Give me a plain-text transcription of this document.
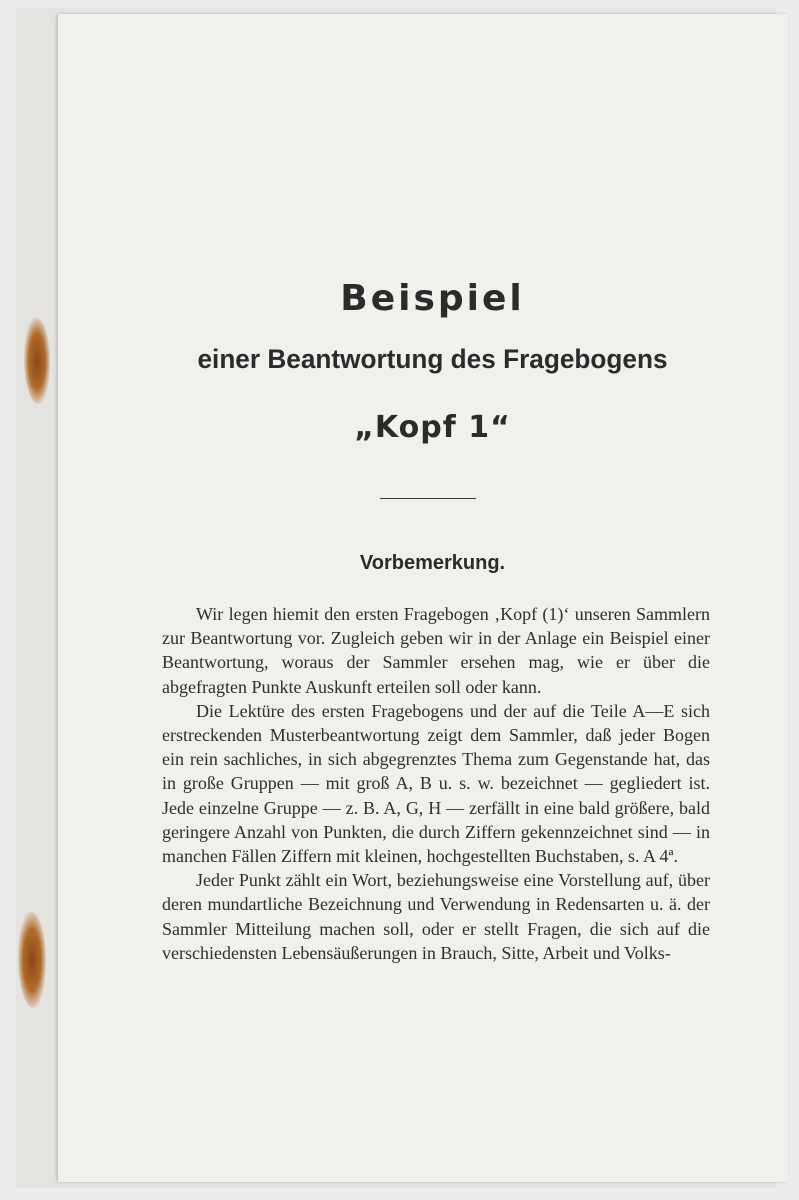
Beispiel
einer Beantwortung des Fragebogens
„Kopf 1“
Vorbemerkung.

Wir legen hiemit den ersten Fragebogen ‚Kopf (1)‘ unseren Sammlern zur Beantwortung vor. Zugleich geben wir in der Anlage ein Beispiel einer Beantwortung, woraus der Sammler ersehen mag, wie er über die abgefragten Punkte Auskunft erteilen soll oder kann.

Die Lektüre des ersten Fragebogens und der auf die Teile A—E sich erstreckenden Musterbeantwortung zeigt dem Sammler, daß jeder Bogen ein rein sachliches, in sich abgegrenztes Thema zum Gegenstande hat, das in große Gruppen — mit groß A, B u. s. w. bezeichnet — gegliedert ist. Jede einzelne Gruppe — z. B. A, G, H — zerfällt in eine bald größere, bald geringere Anzahl von Punkten, die durch Ziffern gekennzeichnet sind — in manchen Fällen Ziffern mit kleinen, hochgestellten Buchstaben, s. A 4ª.

Jeder Punkt zählt ein Wort, beziehungsweise eine Vorstellung auf, über deren mundartliche Bezeichnung und Verwendung in Redensarten u. ä. der Sammler Mitteilung machen soll, oder er stellt Fragen, die sich auf die verschiedensten Lebensäußerungen in Brauch, Sitte, Arbeit und Volks-
